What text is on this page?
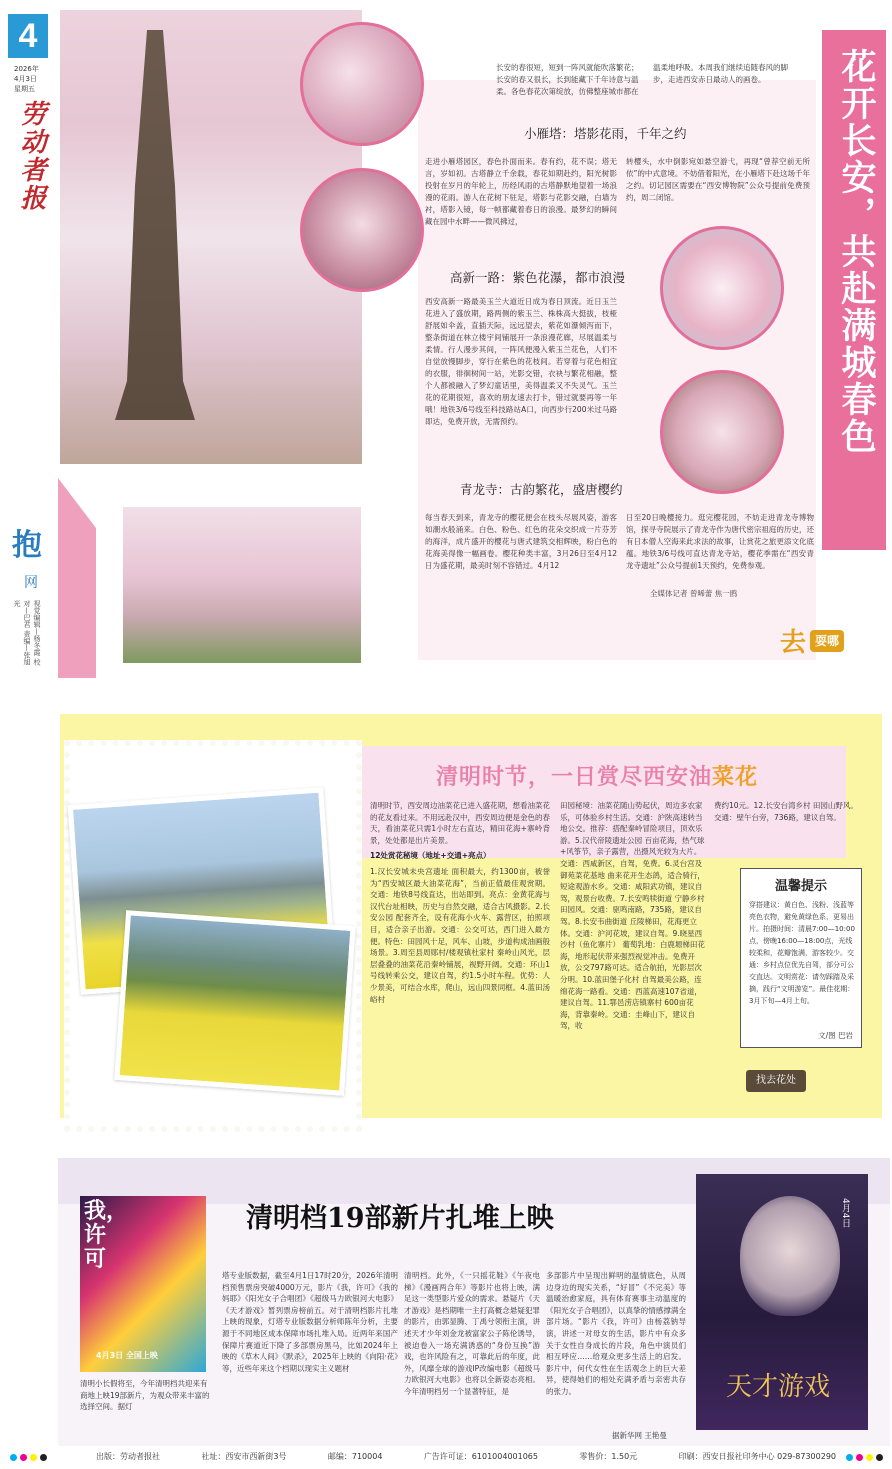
4
2026年
4月3日
星期五
劳动者报
抱
网
视觉编辑—杨冬霞 校对—巴君 责编—张旭光
长安的春很短，短到一阵风就能吹落繁花；长安的春又很长，长到能藏下千年诗意与温柔。各色春花次第绽放，仿佛整座城市都在温柔地呼吸。本周我们继续追随春风的脚步，走进西安赤日最动人的画卷。
小雁塔：塔影花雨，千年之约
走进小雁塔园区，春色扑面而来。春有约，花不误；塔无言，岁如初。古塔静立千余载，春花如期赴约，阳光树影投射在岁月的年轮上，历经风雨的古塔静默地望着一场浪漫的花雨。游人在花树下驻足，塔影与花影交融，白墙为衬，塔影入镜，每一帧都藏着春日的浪漫。最梦幻的瞬间藏在园中水畔——微风拂过，
转樱头，水中倒影宛如悬空游弋，再现“曾荐空前无所依”的中式意境。不妨借着阳光，在小雁塔下赴这场千年之约。切记园区需要在“西安博物院”公众号提前免费预约，周二闭馆。
高新一路：紫色花瀑，都市浪漫
西安高新一路最美玉兰大道近日成为春日顶流。近日玉兰花进入了盛放期，路两侧的紫玉兰、株株高大挺拔，枝桠舒展如伞盖，直插天际，远远望去，紫花如瀑倾泻而下，整条街道在林立楼宇间铺展开一条浪漫花廊，尽展温柔与柔情。行人漫步其间，一阵风便漫入紫玉兰花色，人们不自觉放慢脚步，穿行在紫色的花枝间。若穿着与花色相宜的衣服，徘徊树间一站，光影交错，衣袂与繁花相融，整个人都被融入了梦幻童话里，美得温柔又不失灵气。玉兰花的花期很短，喜欢的朋友速去打卡，错过就要再等一年哦！地铁3/6号线至科技路站A口，向西步行200米过马路即达，免费开放，无需预约。
青龙寺：古韵繁花，盛唐樱约
每当春天到来，青龙寺的樱花便会在枝头尽展风姿，游客如潮水般涌来。白色、粉色、红色的花朵交织成一片芬芳的海洋，成片盛开的樱花与唐式建筑交相辉映，粉白色的花海美得像一幅画卷。樱花种类丰富，3月26日至4月12日为盛花期，最美时刻不容错过。4月12
日至20日晚樱接力。逛完樱花园，不妨走进青龙寺博物馆，探寻寺院展示了青龙寺作为唐代密宗祖庭的历史，还有日本僧人空海来此求法的故事，让赏花之旅更添文化底蕴。地铁3/6号线可直达青龙寺站，樱花季需在“西安青龙寺遗址”公众号提前1天预约，免费参观。
全媒体记者 曾晞蕾 焦一鸥
花开长安，共赴满城春色
去 耍哪
清明时节，一日赏尽西安油菜花
清明时节，西安周边油菜花已进入盛花期，想看油菜花的花友看过来。不用远赴汉中，西安周边便是金色的春天，看油菜花只需1小时左右直达，精田花海+寨岭背景，处处都是出片美景。
12处赏花秘境（地址+交通+亮点）
1.汉长安城未央宫遗址 面积最大，约1300亩，被誉为“西安城区最大油菜花海”，当前正值最佳观赏期。交通：地铁8号线直达，出站即到。亮点：金黄花海与汉代台址相映，历史与自然交融，适合古风摄影。2.长安公园 配套齐全，设有花海小火车、露营区，拍照项目，适合亲子出游。交通：公交可达，西门进入最方便。特色：田园风十足，风车、山坡，步道构成油画般场景。3.周至县周郧村/楼观镇杜家村 秦岭山风光，层层叠叠的油菜花沿秦岭铺展，视野开阔。交通：环山1号线转乘公交，建议自驾，约1.5小时车程。优势：人少景美，可结合水库，爬山，远山四景同框。4.蓝田汤峪村
田园秘境：油菜花随山势起伏，周边多农家乐，可体验乡村生活。交通：沪陕高速转当地公交。推荐：搭配秦岭冒险项目，顶欢乐游。5.汉代帝陵遗址公园 百亩花海，热气球+风筝节，亲子露营，出摄风光较为大片。交通：西咸新区，自驾，免费。6.灵台宫及御苑菜花基地 曲来花开生态鸽，适合骑行，短途观游水乡。交通：咸阳武功镇，建议自驾，观景台收费。7.长安鸣犊街道 宁静乡村田园风。交通：驱鸣南路，735路，建议自驾。8.长安韦曲街道 丘陵梯田，花海更立体。交通：沪河花坡，建议自驾。9.晓星西沙村（鱼化寨片） 葡萄乳地：白鹿塬梯田花海，地形起伏带来强烈视觉冲击。免费开放，公交797路可达。适合航拍，光影层次分明。10.蓝田堡子化村 自驾最美公路，连绵花海一路看。交通：西蓝高速107省道，建议自驾。11.鄠邑涝店镇寨村 600亩花海，背靠秦岭。交通：圭峰山下，建议自驾，收
费约10元。12.长安台湾乡村 田园山野风。交通：壁午台旁，736路，建议自驾。
温馨提示
穿搭建议：黄白色、浅粉、浅蓝等亮色衣物，避免黄绿色系，更易出片。拍摄时间：清晨7:00—10:00点，傍晚16:00—18:00点，光线较柔和，花瓣饱满，游客较少。交通：乡村点位优先自驾，部分可公交直达。文明赏花：请勿踩踏及采摘，践行“文明游览”。最佳花期：3月下旬—4月上旬。
文/图 巴岩
找去花处
清明档19部新片扎堆上映
我，许可
4月3日 全国上映
4月4日
天才游戏
清明小长假将至，今年清明档共迎来有商地上映19部新片，为观众带来丰富的选择空间。据灯
塔专业版数据，截至4月1日17时20分，2026年清明档预售票房突破4000万元，影片《我，许可》《我的妈耶》《阳光女子合唱团》《超级马力欧银河大电影》《天才游戏》暂列票房榜前五。对于清明档影片扎堆上映的现象，灯塔专业版数据分析师陈年分析，主要源于不同地区成本保障市场扎堆入局。近两年来国产保障片赛道近下降了多部票房黑马，比如2024年上映的《草木人间》《默杀》，2025年上映的《向阳·花》等，近些年来这个档期以现实主义题材
清明档。此外，《一只摇花鞋》《午夜电梯》《漫画两合年》等影片也将上映，满足这一类型影片爱众的需求。悬疑片《天才游戏》是档期唯一主打高概念悬疑犯罪的影片，由郭显腾、丁禹兮领衔主演，讲述天才少年刘金龙被富家公子陈伦诱导，被迫卷入一场充满诱惑的“身份互换”游戏，也许风险有之，可靠此后的年度，此外，风靡全球的游戏IP改编电影《超级马力欧银河大电影》也将以全新姿态亮相。今年清明档另一个显著特征，是
多部影片中呈现出鲜明的温情底色，从周边身边的现实关系，“好冒”《不完美》等温暖治愈家庭，具有体育赛事主动温度的《阳光女子合唱团》，以真挚的情感撑满全部片场。“影片《我，许可》由杨荔钠导演，讲述一对母女的生活，影片中有众多关于女性自身成长的片段，角色中演员们相互呼应……给观众更多生活上的启发。影片中，何代女性在生活观念上的巨大差异，使得她们的相处充满矛盾与亲密共存的张力。
据新华网 王艳曼
出版：劳动者报社	社址：西安市西新街3号	邮编：710004	广告许可证：6101004001065	零售价：1.50元	印刷：西安日报社印务中心 029-87300290
